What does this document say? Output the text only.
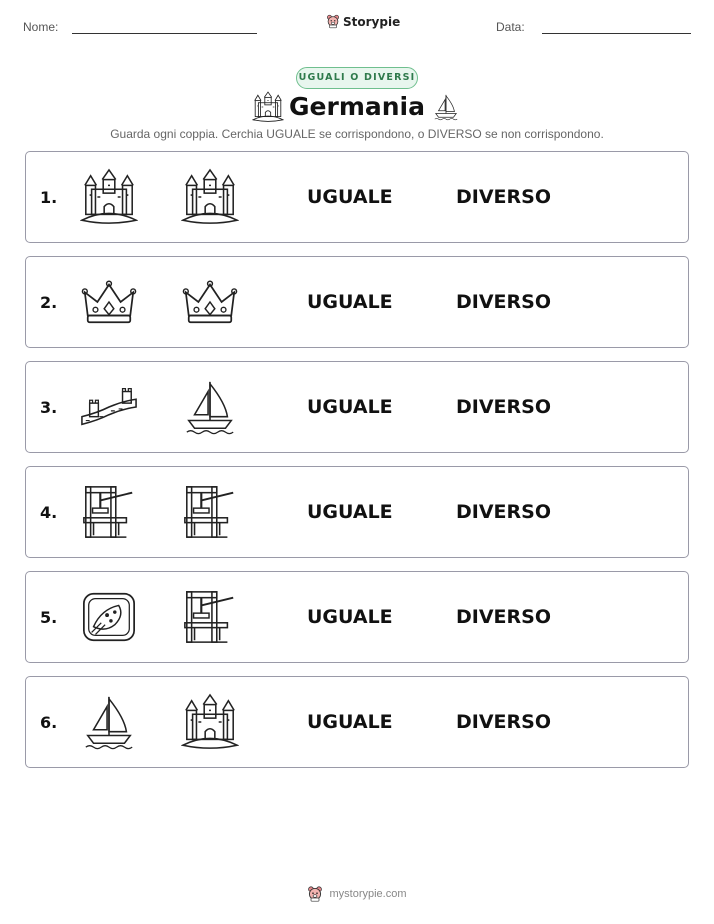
Nome:	Storypie	Data:
UGUALI O DIVERSI
Germania
Guarda ogni coppia. Cerchia UGUALE se corrispondono, o DIVERSO se non corrispondono.
1.	UGUALE	DIVERSO
2.	UGUALE	DIVERSO
3.	UGUALE	DIVERSO
4.	UGUALE	DIVERSO
5.	UGUALE	DIVERSO
6.	UGUALE	DIVERSO
mystorypie.com
